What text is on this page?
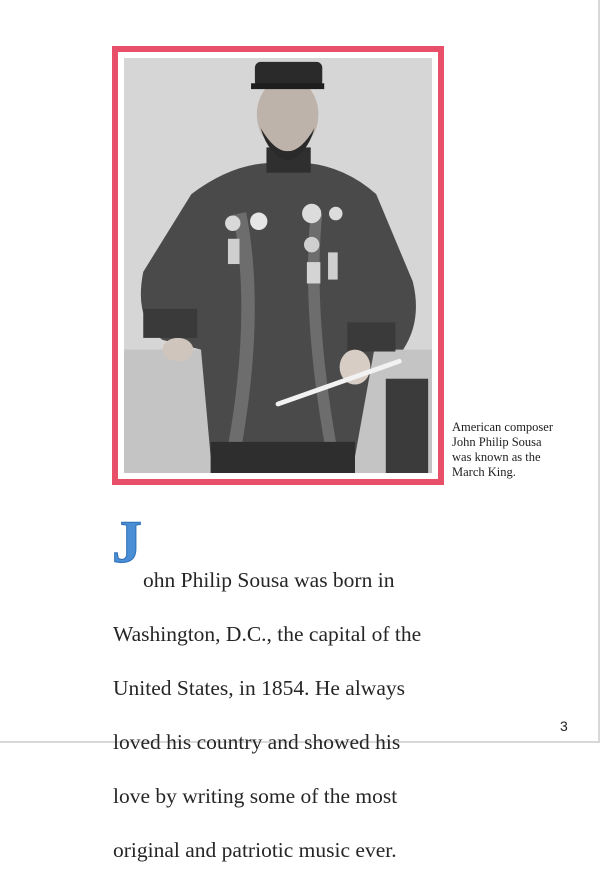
American composer
John Philip Sousa
was known as the
March King.
J

ohn Philip Sousa was born in

Washington, D.C., the capital of the

United States, in 1854. He always

loved his country and showed his

love by writing some of the most

original and patriotic music ever.

3
